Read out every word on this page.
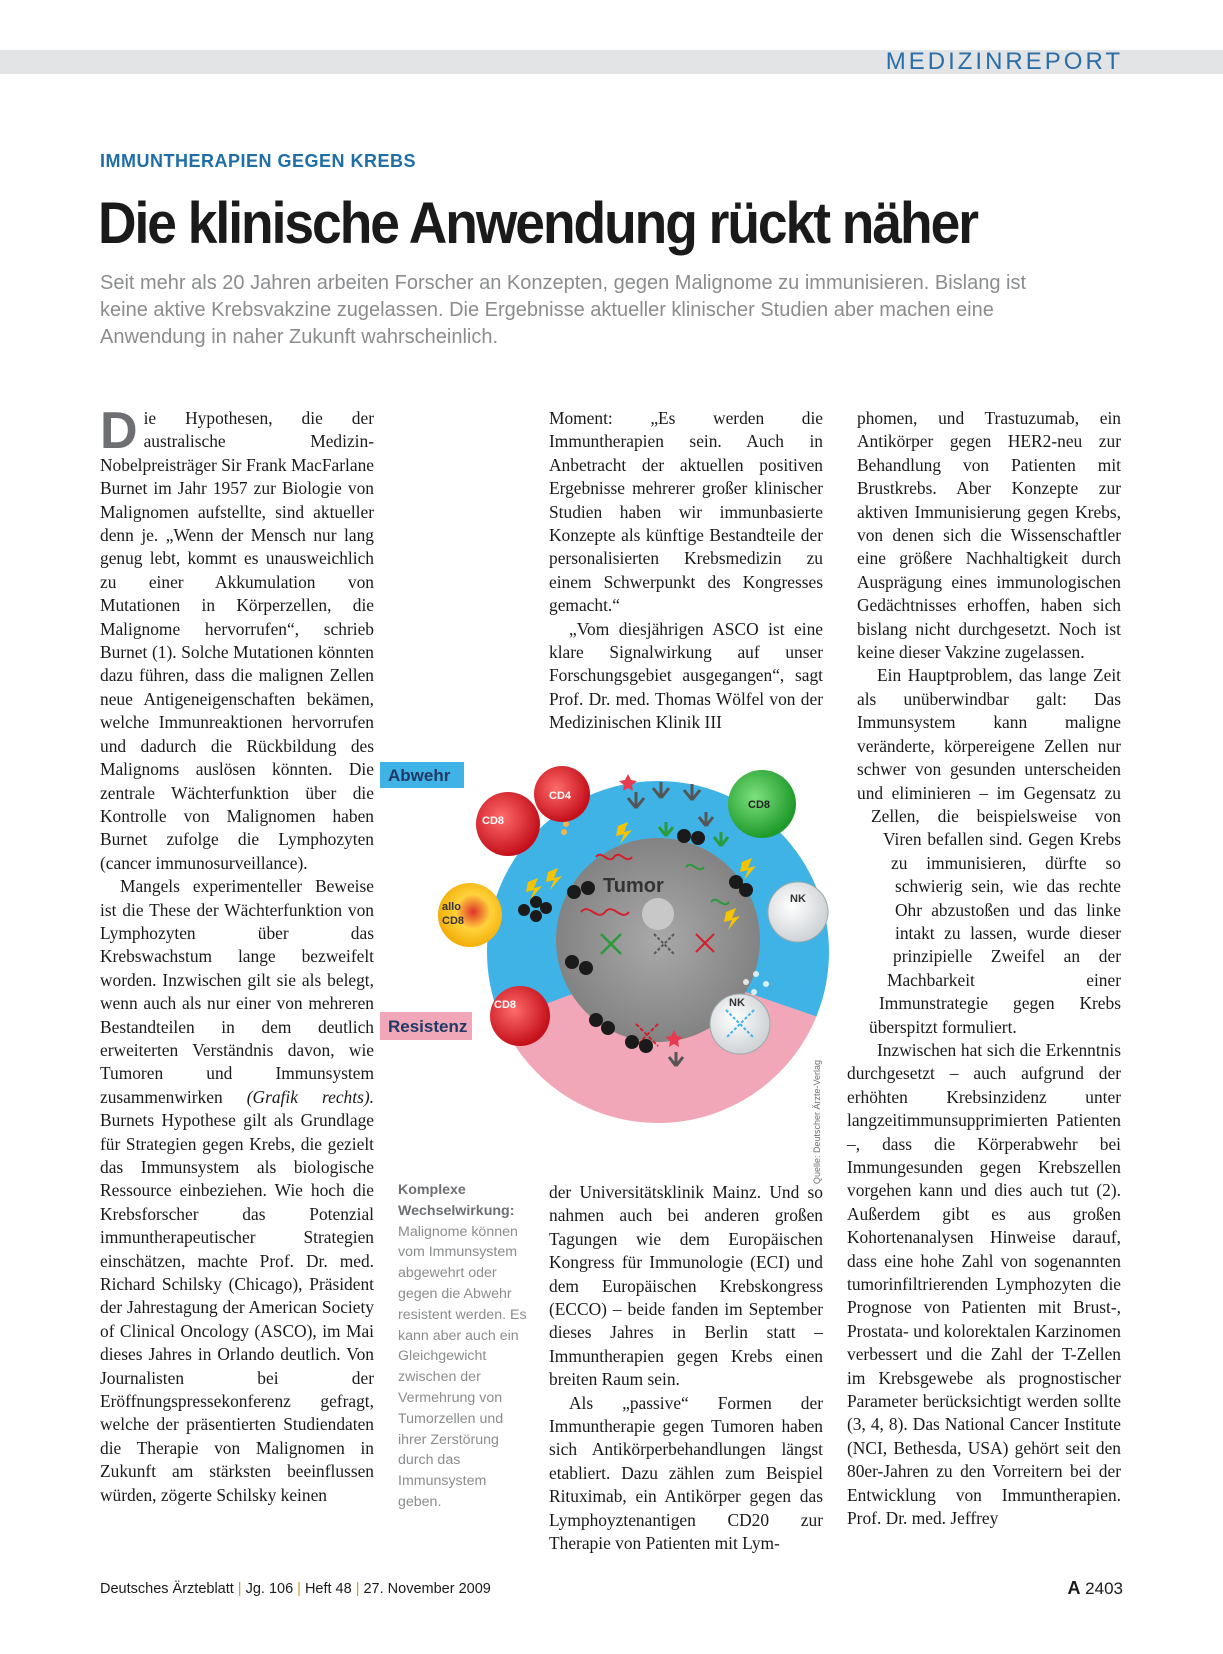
MEDIZINREPORT
IMMUNTHERAPIEN GEGEN KREBS
Die klinische Anwendung rückt näher
Seit mehr als 20 Jahren arbeiten Forscher an Konzepten, gegen Malignome zu immunisieren. Bislang ist keine aktive Krebsvakzine zugelassen. Die Ergebnisse aktueller klinischer Studien aber machen eine Anwendung in naher Zukunft wahrscheinlich.

Die Hypothesen, die der australische Medizin-Nobelpreisträger Sir Frank MacFarlane Burnet im Jahr 1957 zur Biologie von Malignomen aufstellte, sind aktueller denn je. „Wenn der Mensch nur lang genug lebt, kommt es unausweichlich zu einer Akkumulation von Mutationen in Körperzellen, die Malignome hervorrufen“, schrieb Burnet (1). Solche Mutationen könnten dazu führen, dass die malignen Zellen neue Antigeneigenschaften bekämen, welche Immunreaktionen hervorrufen und dadurch die Rückbildung des Malignoms auslösen könnten. Die zentrale Wächterfunktion über die Kontrolle von Malignomen haben Burnet zufolge die Lymphozyten (cancer immunosurveillance).

Mangels experimenteller Beweise ist die These der Wächterfunktion von Lymphozyten über das Krebswachstum lange bezweifelt worden. Inzwischen gilt sie als belegt, wenn auch als nur einer von mehreren Bestandteilen in dem deutlich erweiterten Verständnis davon, wie Tumoren und Immunsystem zusammenwirken (Grafik rechts). Burnets Hypothese gilt als Grundlage für Strategien gegen Krebs, die gezielt das Immunsystem als biologische Ressource einbeziehen. Wie hoch die Krebsforscher das Potenzial immuntherapeutischer Strategien einschätzen, machte Prof. Dr. med. Richard Schilsky (Chicago), Präsident der Jahrestagung der American Society of Clinical Oncology (ASCO), im Mai dieses Jahres in Orlando deutlich. Von Journalisten bei der Eröffnungspressekonferenz gefragt, welche der präsentierten Studiendaten die Therapie von Malignomen in Zukunft am stärksten beeinflussen würden, zögerte Schilsky keinen

Moment: „Es werden die Immuntherapien sein. Auch in Anbetracht der aktuellen positiven Ergebnisse mehrerer großer klinischer Studien haben wir immunbasierte Konzepte als künftige Bestandteile der personalisierten Krebsmedizin zu einem Schwerpunkt des Kongresses gemacht.“

„Vom diesjährigen ASCO ist eine klare Signalwirkung auf unser Forschungsgebiet ausgegangen“, sagt Prof. Dr. med. Thomas Wölfel von der Medizinischen Klinik III

Tumor
CD4
CD8
CD8
allo
CD8
NK
CD8	NK
Abwehr
Resistenz
Quelle: Deutscher Ärzte-Verlag
Komplexe Wechselwirkung: Malignome können vom Immunsystem abgewehrt oder gegen die Abwehr resistent werden. Es kann aber auch ein Gleichgewicht zwischen der Vermehrung von Tumorzellen und ihrer Zerstörung durch das Immunsystem geben.

der Universitätsklinik Mainz. Und so nahmen auch bei anderen großen Tagungen wie dem Europäischen Kongress für Immunologie (ECI) und dem Europäischen Krebskongress (ECCO) – beide fanden im September dieses Jahres in Berlin statt – Immuntherapien gegen Krebs einen breiten Raum sein.

Als „passive“ Formen der Immuntherapie gegen Tumoren haben sich Antikörperbehandlungen längst etabliert. Dazu zählen zum Beispiel Rituximab, ein Antikörper gegen das Lymphoyztenantigen CD20 zur Therapie von Patienten mit Lym-

phomen, und Trastuzumab, ein Antikörper gegen HER2-neu zur Behandlung von Patienten mit Brustkrebs. Aber Konzepte zur aktiven Immunisierung gegen Krebs, von denen sich die Wissenschaftler eine größere Nachhaltigkeit durch Ausprägung eines immunologischen Gedächtnisses erhoffen, haben sich bislang nicht durchgesetzt. Noch ist keine dieser Vakzine zugelassen.

Ein Hauptproblem, das lange Zeit als unüberwindbar galt: Das Immunsystem kann maligne veränderte, körpereigene Zellen nur schwer von gesunden unterscheiden und eliminieren – im Gegensatz zu Zellen, die beispielsweise von Viren befallen sind. Gegen Krebs zu immunisieren, dürfte so schwierig sein, wie das rechte Ohr abzustoßen und das linke intakt zu lassen, wurde dieser prinzipielle Zweifel an der Machbarkeit einer Immunstrategie gegen Krebs überspitzt formuliert.

Inzwischen hat sich die Erkenntnis durchgesetzt – auch aufgrund der erhöhten Krebsinzidenz unter langzeitimmunsupprimierten Patienten –, dass die Körperabwehr bei Immungesunden gegen Krebszellen vorgehen kann und dies auch tut (2). Außerdem gibt es aus großen Kohortenanalysen Hinweise darauf, dass eine hohe Zahl von sogenannten tumorinfiltrierenden Lymphozyten die Prognose von Patienten mit Brust-, Prostata- und kolorektalen Karzinomen verbessert und die Zahl der T-Zellen im Krebsgewebe als prognostischer Parameter berücksichtigt werden sollte (3, 4, 8). Das National Cancer Institute (NCI, Bethesda, USA) gehört seit den 80er-Jahren zu den Vorreitern bei der Entwicklung von Immuntherapien. Prof. Dr. med. Jeffrey

Deutsches Ärzteblatt | Jg. 106 | Heft 48 | 27. November 2009	A 2403
